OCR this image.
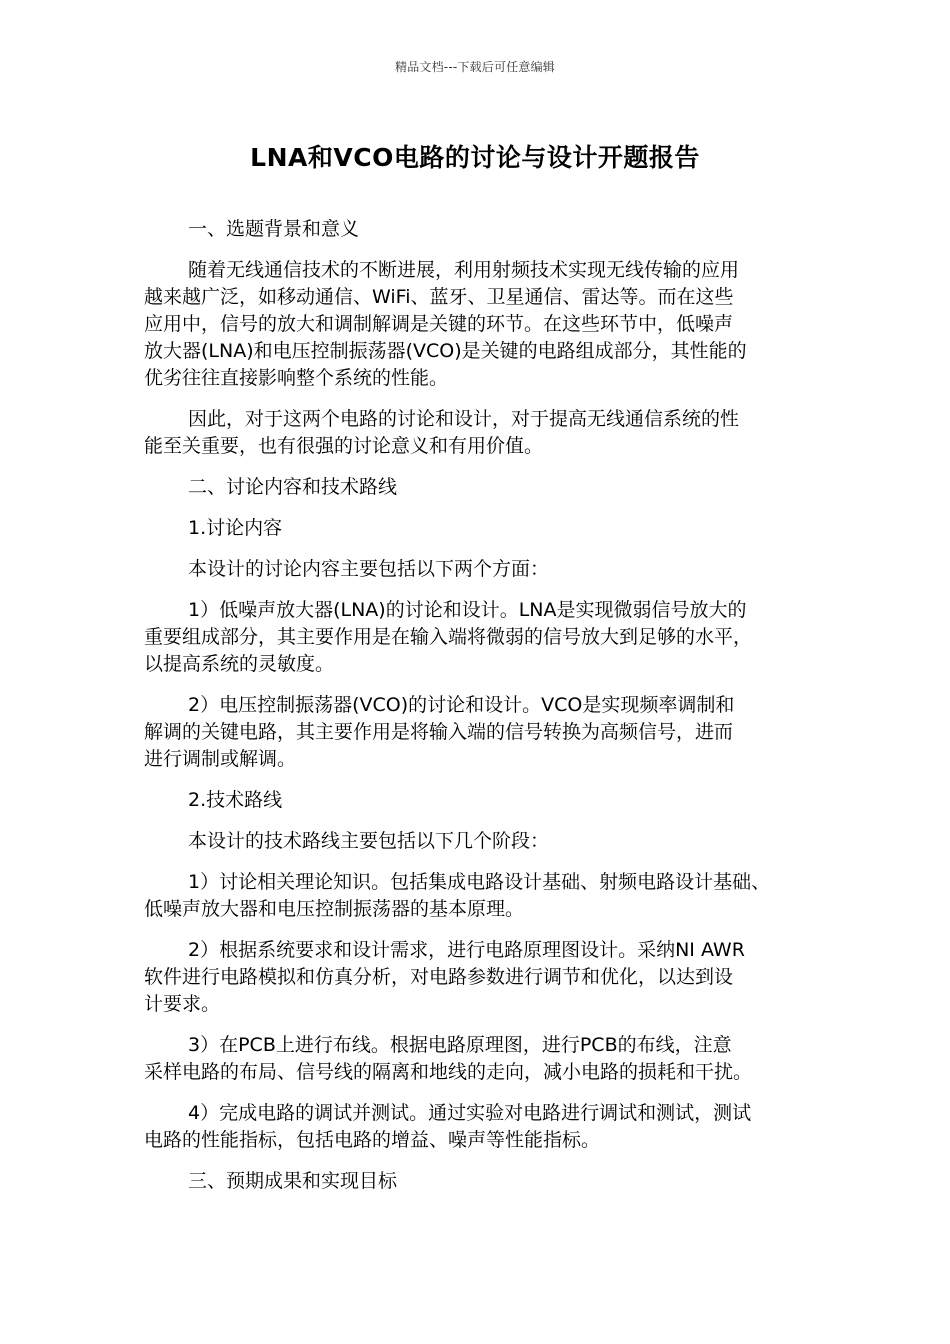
精品文档---下载后可任意编辑
LNA和VCO电路的讨论与设计开题报告
一、选题背景和意义
随着无线通信技术的不断进展，利用射频技术实现无线传输的应用
越来越广泛，如移动通信、WiFi、蓝牙、卫星通信、雷达等。而在这些
应用中，信号的放大和调制解调是关键的环节。在这些环节中，低噪声
放大器(LNA)和电压控制振荡器(VCO)是关键的电路组成部分，其性能的
优劣往往直接影响整个系统的性能。
因此，对于这两个电路的讨论和设计，对于提高无线通信系统的性
能至关重要，也有很强的讨论意义和有用价值。
二、讨论内容和技术路线
1.讨论内容
本设计的讨论内容主要包括以下两个方面：
1）低噪声放大器(LNA)的讨论和设计。LNA是实现微弱信号放大的
重要组成部分，其主要作用是在输入端将微弱的信号放大到足够的水平，
以提高系统的灵敏度。
2）电压控制振荡器(VCO)的讨论和设计。VCO是实现频率调制和
解调的关键电路，其主要作用是将输入端的信号转换为高频信号，进而
进行调制或解调。
2.技术路线
本设计的技术路线主要包括以下几个阶段：
1）讨论相关理论知识。包括集成电路设计基础、射频电路设计基础、
低噪声放大器和电压控制振荡器的基本原理。
2）根据系统要求和设计需求，进行电路原理图设计。采纳NI AWR
软件进行电路模拟和仿真分析，对电路参数进行调节和优化，以达到设
计要求。
3）在PCB上进行布线。根据电路原理图，进行PCB的布线，注意
采样电路的布局、信号线的隔离和地线的走向，减小电路的损耗和干扰。
4）完成电路的调试并测试。通过实验对电路进行调试和测试，测试
电路的性能指标，包括电路的增益、噪声等性能指标。
三、预期成果和实现目标
